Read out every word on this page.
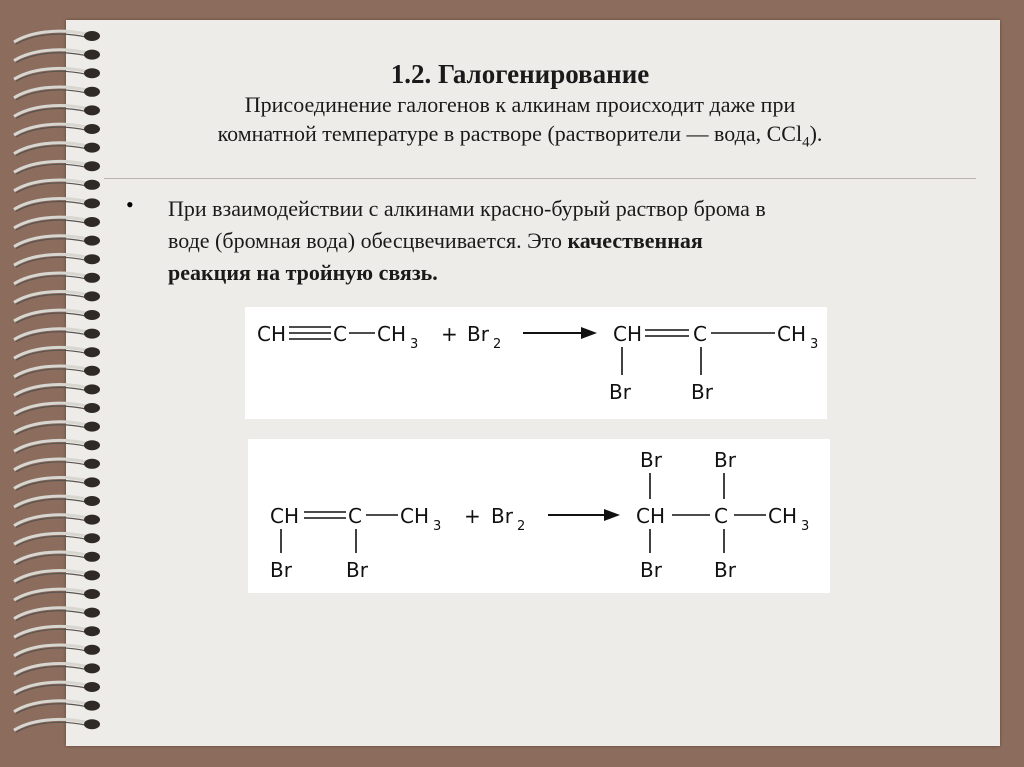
1.2. Галогенирование
Присоединение галогенов к алкинам происходит даже при
комнатной температуре в растворе (растворители — вода, CCl$_4$).
• При взаимодействии с алкинами красно-бурый раствор брома в
воде (бромная вода) обесцвечивается. Это качественная
реакция на тройную связь.
CH C CH 3 + Br 2	CH	C	CH 3
Br	Br
Br	Br
CH C CH 3 + Br 2	CH C CH 3
Br	Br	Br	Br
